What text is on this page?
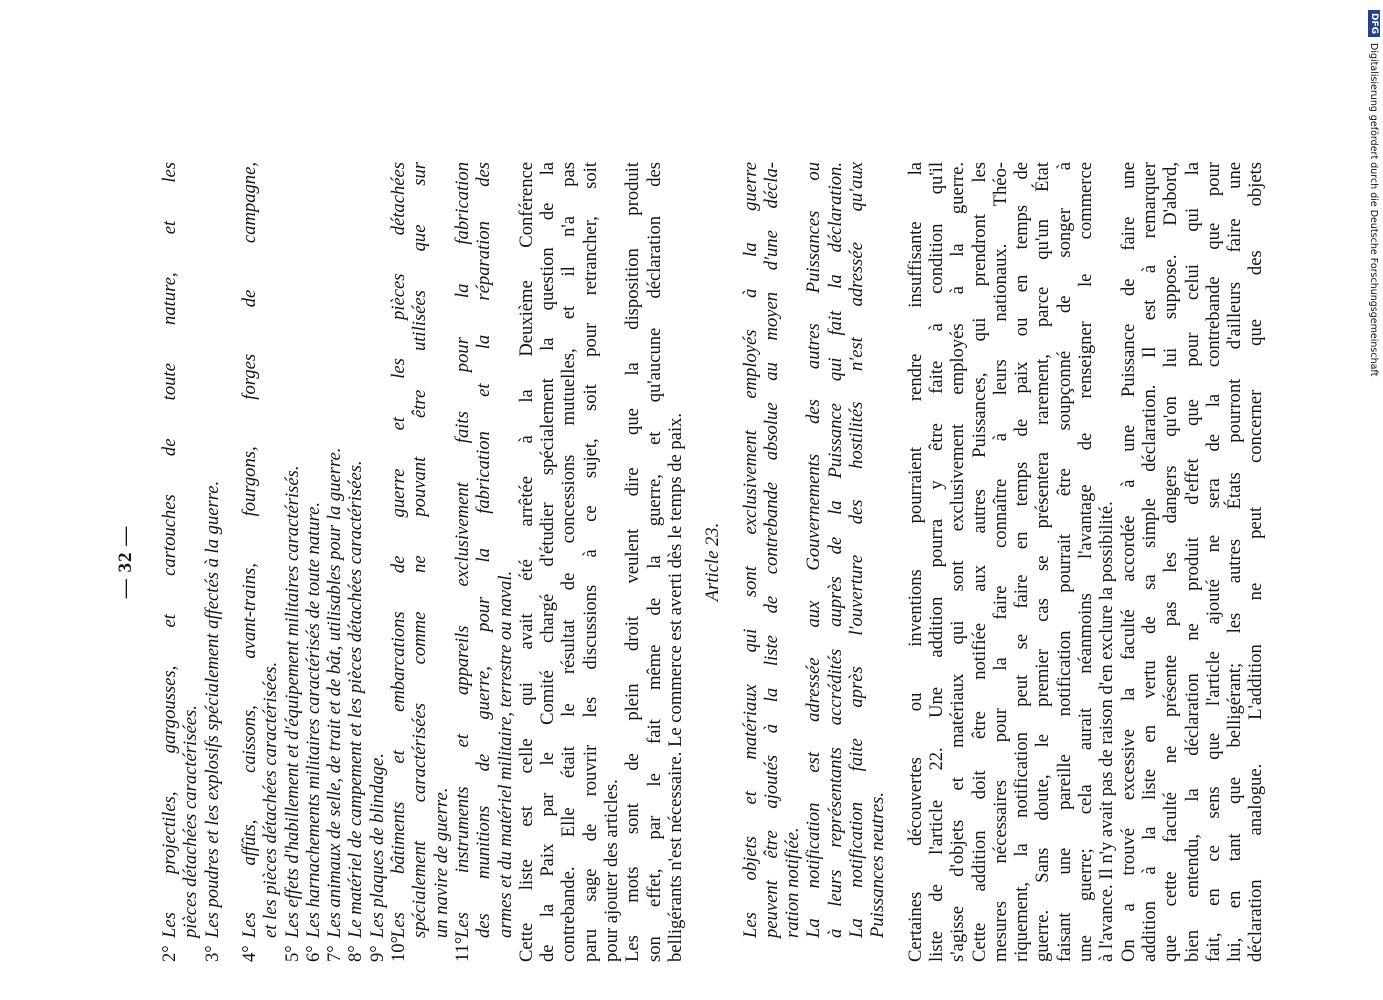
— 32 —
2°Les projectiles, gargousses, et cartouches de toute nature, et les pièces détachées caractérisées.
3°Les poudres et les explosifs spécialement affectés à la guerre.
4°Les affûts, caissons, avant-trains, fourgons, forges de campagne, et les pièces détachées caractérisées.
5°Les effets d'habillement et d'équipement militaires caractérisés.
6°Les harnachements militaires caractérisés de toute nature.
7°Les animaux de selle, de trait et de bât, utilisables pour la guerre.
8°Le matériel de campement et les pièces détachées caractérisées.
9°Les plaques de blindage.
10°Les bâtiments et embarcations de guerre et les pièces détachées spécialement caractérisées comme ne pouvant être utilisées que sur un navire de guerre.
11°Les instruments et appareils exclusivement faits pour la fabrication des munitions de guerre, pour la fabrication et la réparation des armes et du matériel militaire, terrestre ou naval. Cette liste est celle qui avait été arrêtée à la Deuxième Conférence de la Paix par le Comité chargé d'étudier spécialement la question de la contrebande. Elle était le résultat de concessions mutuelles, et il n'a pas paru sage de rouvrir les discussions à ce sujet, soit pour retrancher, soit pour ajouter des articles. Les mots sont de plein droit veulent dire que la disposition produit son effet, par le fait même de la guerre, et qu'aucune déclaration des belligérants n'est nécessaire. Le commerce est averti dès le temps de paix. Article 23. Les objets et matériaux qui sont exclusivement employés à la guerre peuvent être ajoutés à la liste de contrebande absolue au moyen d'une décla- ration notifiée. La notification est adressée aux Gouvernements des autres Puissances ou à leurs représentants accrédités auprès de la Puissance qui fait la déclaration. La notification faite après l'ouverture des hostilités n'est adressée qu'aux Puissances neutres. Certaines découvertes ou inventions pourraient rendre insuffisante la liste de l'article 22. Une addition pourra y être faite à condition qu'il s'agisse d'objets et matériaux qui sont exclusivement employés à la guerre. Cette addition doit être notifiée aux autres Puissances, qui prendront les mesures nécessaires pour la faire connaître à leurs nationaux. Théo- riquement, la notification peut se faire en temps de paix ou en temps de guerre. Sans doute, le premier cas se présentera rarement, parce qu'un État faisant une pareille notification pourrait être soupçonné de songer à une guerre; cela aurait néanmoins l'avantage de renseigner le commerce à l'avance. Il n'y avait pas de raison d'en exclure la possibilité. On a trouvé excessive la faculté accordée à une Puissance de faire une addition à la liste en vertu de sa simple déclaration. Il est à remarquer que cette faculté ne présente pas les dangers qu'on lui suppose. D'abord, bien entendu, la déclaration ne produit d'effet que pour celui qui la fait, en ce sens que l'article ajouté ne sera de la contrebande que pour lui, en tant que belligérant; les autres États pourront d'ailleurs faire une déclaration analogue. L'addition ne peut concerner que des objets
DFG
Digitalisierung gefördert durch die Deutsche Forschungsgemeinschaft
